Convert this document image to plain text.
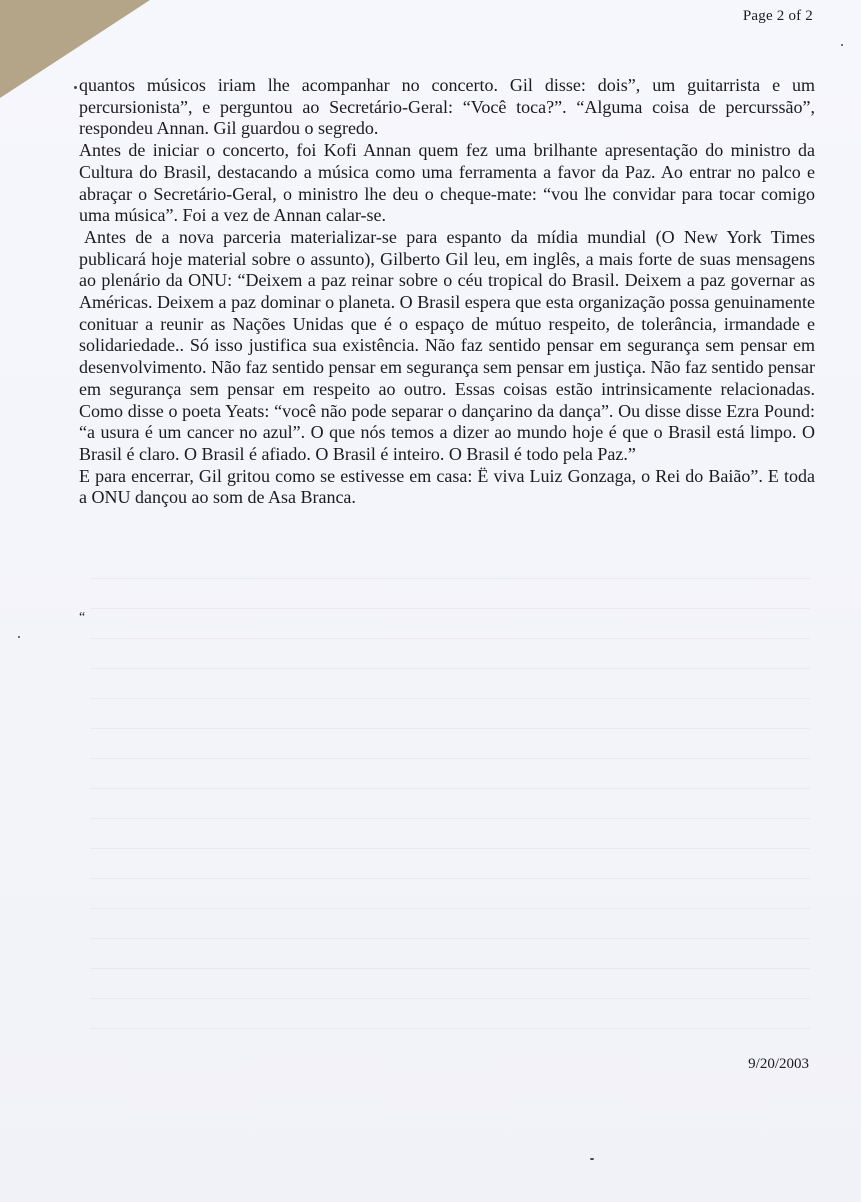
Page 2 of 2

quantos músicos iriam lhe acompanhar no concerto. Gil disse: dois”, um guitarrista e um percursionista”, e perguntou ao Secretário-Geral: “Você toca?”. “Alguma coisa de percurssão”, respondeu Annan. Gil guardou o segredo.

Antes de iniciar o concerto, foi Kofi Annan quem fez uma brilhante apresentação do ministro da Cultura do Brasil, destacando a música como uma ferramenta a favor da Paz. Ao entrar no palco e abraçar o Secretário-Geral, o ministro lhe deu o cheque-mate: “vou lhe convidar para tocar comigo uma música”. Foi a vez de Annan calar-se.

Antes de a nova parceria materializar-se para espanto da mídia mundial (O New York Times publicará hoje material sobre o assunto), Gilberto Gil leu, em inglês, a mais forte de suas mensagens ao plenário da ONU: “Deixem a paz reinar sobre o céu tropical do Brasil. Deixem a paz governar as Américas. Deixem a paz dominar o planeta. O Brasil espera que esta organização possa genuinamente conituar a reunir as Nações Unidas que é o espaço de mútuo respeito, de tolerância, irmandade e solidariedade.. Só isso justifica sua existência. Não faz sentido pensar em segurança sem pensar em desenvolvimento. Não faz sentido pensar em segurança sem pensar em justiça. Não faz sentido pensar em segurança sem pensar em respeito ao outro. Essas coisas estão intrinsicamente relacionadas. Como disse o poeta Yeats: “você não pode separar o dançarino da dança”. Ou disse disse Ezra Pound: “a usura é um cancer no azul”. O que nós temos a dizer ao mundo hoje é que o Brasil está limpo. O Brasil é claro. O Brasil é afiado. O Brasil é inteiro. O Brasil é todo pela Paz.”

E para encerrar, Gil gritou como se estivesse em casa: Ë viva Luiz Gonzaga, o Rei do Baião”. E toda a ONU dançou ao som de Asa Branca.

“
9/20/2003
